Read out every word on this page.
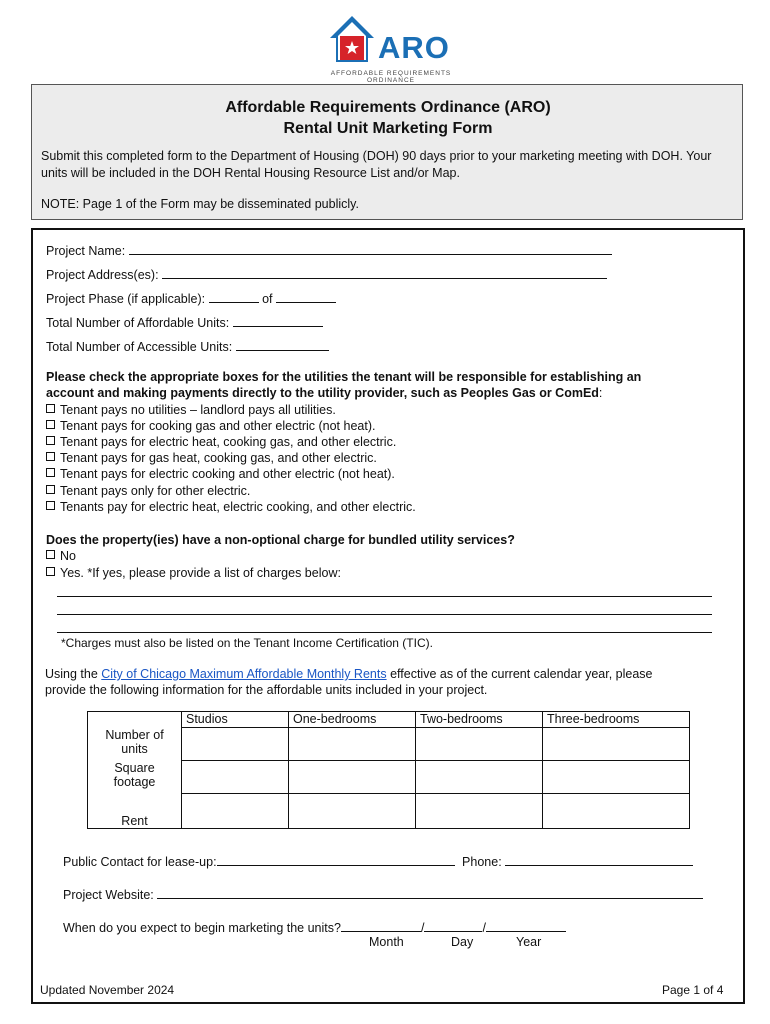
ARO
AFFORDABLE REQUIREMENTS ORDINANCE
Affordable Requirements Ordinance (ARO)
Rental Unit Marketing Form
Submit this completed form to the Department of Housing (DOH) 90 days prior to your marketing meeting with DOH. Your units will be included in the DOH Rental Housing Resource List and/or Map.
NOTE: Page 1 of the Form may be disseminated publicly.
Project Name:
Project Address(es):
Project Phase (if applicable):	of
Total Number of Affordable Units:
Total Number of Accessible Units:
Please check the appropriate boxes for the utilities the tenant will be responsible for establishing an
account and making payments directly to the utility provider, such as Peoples Gas or ComEd:
Tenant pays no utilities – landlord pays all utilities.
Tenant pays for cooking gas and other electric (not heat).
Tenant pays for electric heat, cooking gas, and other electric.
Tenant pays for gas heat, cooking gas, and other electric.
Tenant pays for electric cooking and other electric (not heat).
Tenant pays only for other electric.
Tenants pay for electric heat, electric cooking, and other electric.
Does the property(ies) have a non-optional charge for bundled utility services?
No
Yes. *If yes, please provide a list of charges below:
*Charges must also be listed on the Tenant Income Certification (TIC).
Using the City of Chicago Maximum Affordable Monthly Rents effective as of the current calendar year, please
provide the following information for the affordable units included in your project.
	Studios	One-bedrooms	Two-bedrooms	Three-bedrooms
Number of units				
Square footage				
Rent				
Public Contact for lease-up:	Phone:
Project Website:
When do you expect to begin marketing the units?	/	/
Month	Day	Year
Updated November 2024	Page 1 of 4
